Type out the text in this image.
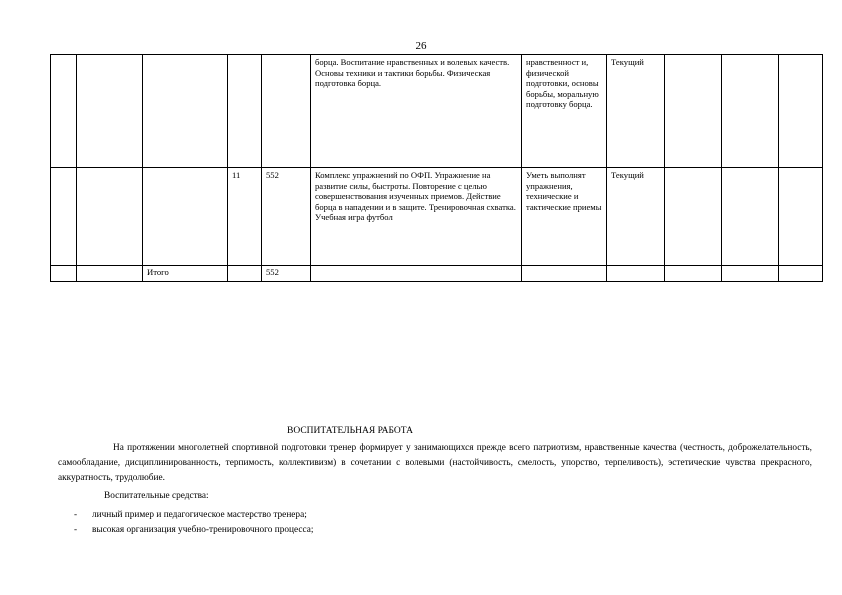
26
					борца. Воспитание нравственных и волевых качеств. Основы техники и тактики борьбы. Физическая подготовка борца.	нравственност и, физической подготовки, основы борьбы, моральную подготовку борца.	Текущий			
			11	552	Комплекс упражнений по ОФП. Упражнение на развитие силы, быстроты. Повторение с целью совершенствования изученных приемов. Действие борца в нападении и в защите. Тренировочная схватка. Учебная игра футбол	Уметь выполнят упражнения, технические и тактические приемы	Текущий			
		Итого		552						
ВОСПИТАТЕЛЬНАЯ РАБОТА

На протяжении многолетней спортивной подготовки тренер формирует у занимающихся прежде всего патриотизм, нравственные качества (честность, доброжелательность, самообладание, дисциплинированность, терпимость, коллективизм) в сочетании с волевыми (настойчивость, смелость, упорство, терпеливость), эстетические чувства прекрасного, аккуратность, трудолюбие.

Воспитательные средства:
-	личный пример и педагогическое мастерство тренера;
-	высокая организация учебно-тренировочного процесса;
